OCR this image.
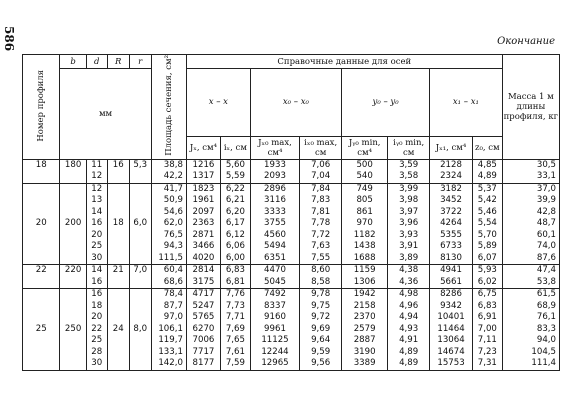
586	Окончание
Номер профиля	b	d	R	r	Площадь сечения, см²	Справочные данные для осей								Масса 1 м длины профиля, кг
	мм					x – x		x₀ – x₀		y₀ – y₀		x₁ – x₁		
						Jₓ, см⁴	iₓ, см	Jₓ₀ max, см⁴	iₓ₀ max, см	Jᵧ₀ min, см⁴	iᵧ₀ min, см	Jₓ₁, см⁴	z₀, см	
18	180	11	16	5,3	38,8	1216	5,60	1933	7,06	500	3,59	2128	4,85	30,5
		12			42,2	1317	5,59	2093	7,04	540	3,58	2324	4,89	33,1
		12			41,7	1823	6,22	2896	7,84	749	3,99	3182	5,37	37,0
		13			50,9	1961	6,21	3116	7,83	805	3,98	3452	5,42	39,9
		14			54,6	2097	6,20	3333	7,81	861	3,97	3722	5,46	42,8
20	200	16	18	6,0	62,0	2363	6,17	3755	7,78	970	3,96	4264	5,54	48,7
		20			76,5	2871	6,12	4560	7,72	1182	3,93	5355	5,70	60,1
		25			94,3	3466	6,06	5494	7,63	1438	3,91	6733	5,89	74,0
		30			111,5	4020	6,00	6351	7,55	1688	3,89	8130	6,07	87,6
22	220	14	21	7,0	60,4	2814	6,83	4470	8,60	1159	4,38	4941	5,93	47,4
		16			68,6	3175	6,81	5045	8,58	1306	4,36	5661	6,02	53,8
		16			78,4	4717	7,76	7492	9,78	1942	4,98	8286	6,75	61,5
		18			87,7	5247	7,73	8337	9,75	2158	4,96	9342	6,83	68,9
		20			97,0	5765	7,71	9160	9,72	2370	4,94	10401	6,91	76,1
25	250	22	24	8,0	106,1	6270	7,69	9961	9,69	2579	4,93	11464	7,00	83,3
		25			119,7	7006	7,65	11125	9,64	2887	4,91	13064	7,11	94,0
		28			133,1	7717	7,61	12244	9,59	3190	4,89	14674	7,23	104,5
		30			142,0	8177	7,59	12965	9,56	3389	4,89	15753	7,31	111,4
